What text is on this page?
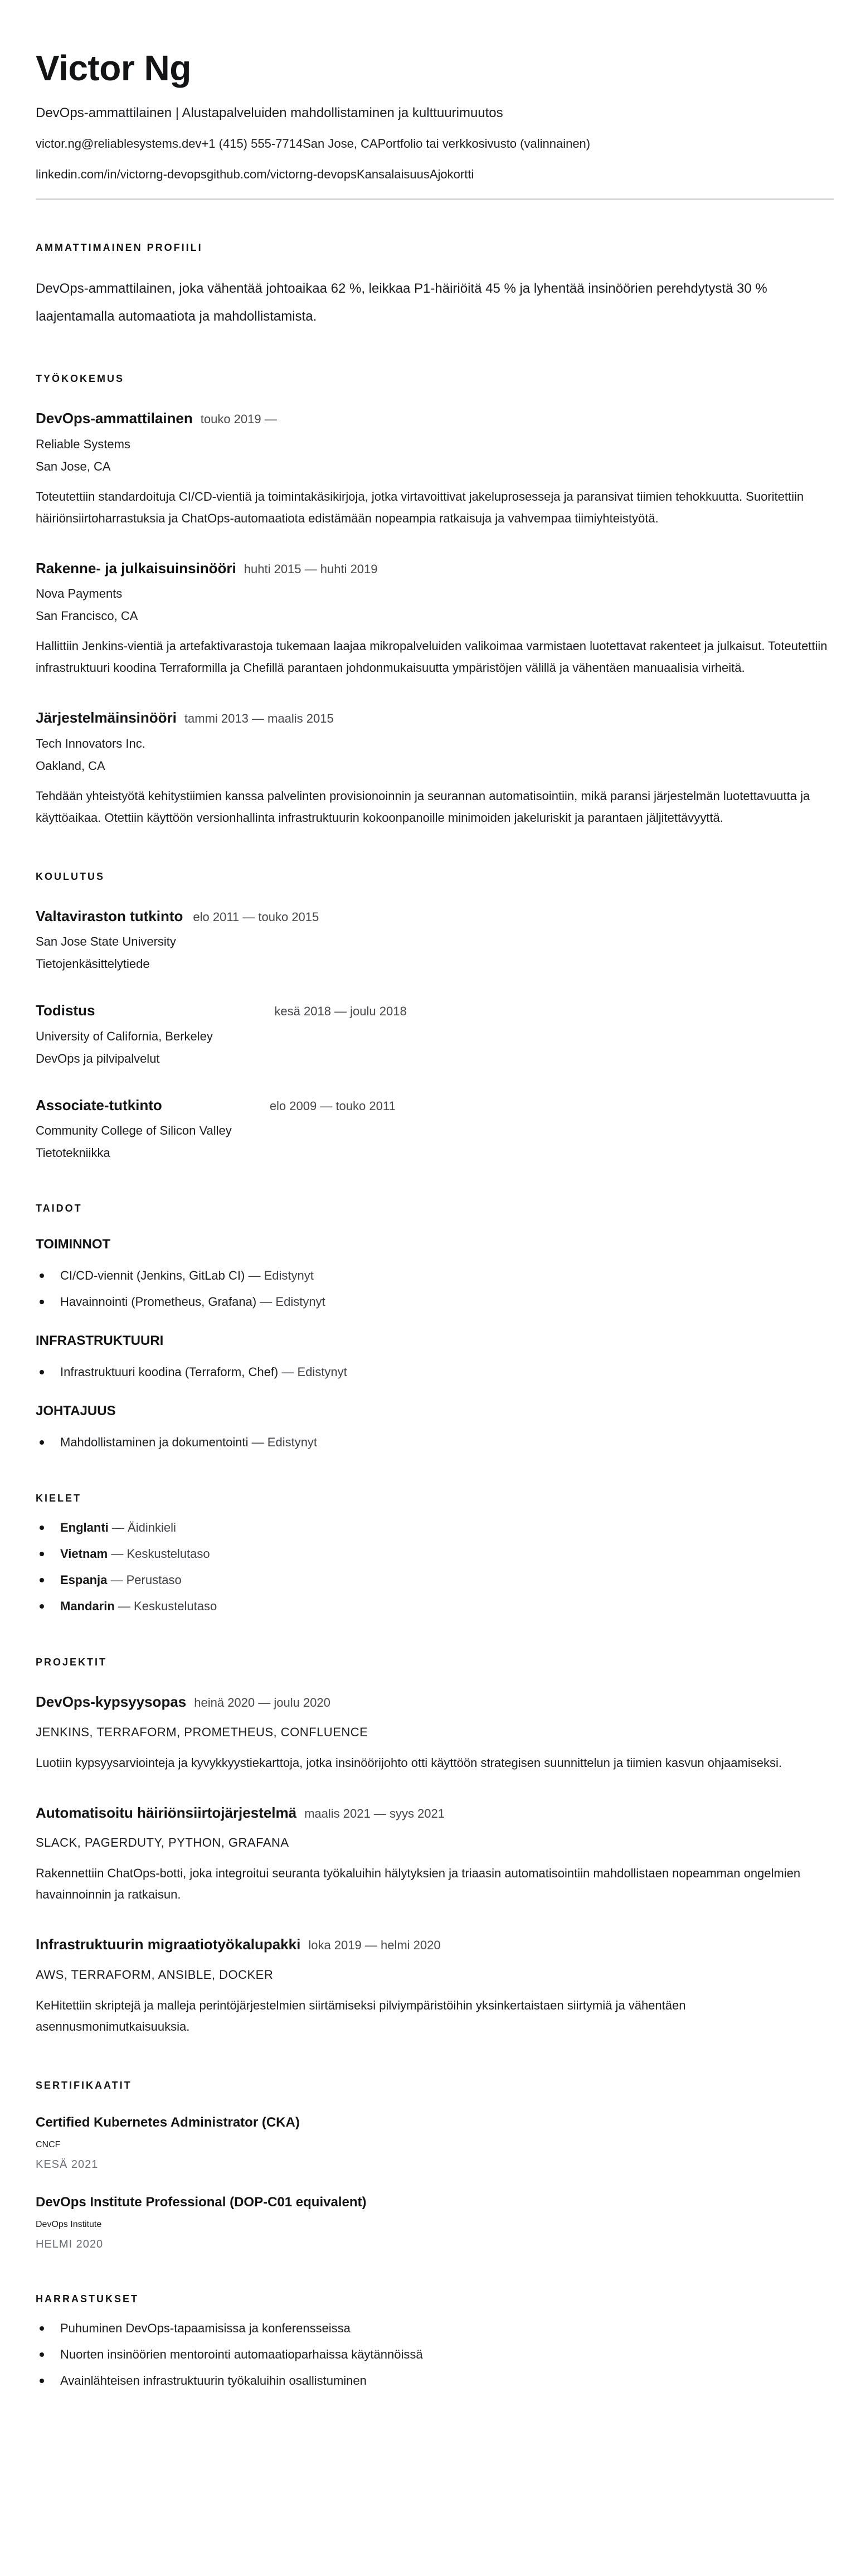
Victor Ng

DevOps-ammattilainen | Alustapalveluiden mahdollistaminen ja kulttuurimuutos

victor.ng@reliablesystems.dev+1 (415) 555-7714San Jose, CAPortfolio tai verkkosivusto (valinnainen)

linkedin.com/in/victorng-devopsgithub.com/victorng-devopsKansalaisuusAjokortti

AMMATTIMAINEN PROFIILI

DevOps-ammattilainen, joka vähentää johtoaikaa 62 %, leikkaa P1-häiriöitä 45 % ja lyhentää insinöörien perehdytystä 30 % laajentamalla automaatiota ja mahdollistamista.

TYÖKOKEMUS
DevOps-ammattilainen touko 2019 —

Reliable Systems

San Jose, CA

Toteutettiin standardoituja CI/CD-vientiä ja toimintakäsikirjoja, jotka virtavoittivat jakeluprosesseja ja paransivat tiimien tehokkuutta. Suoritettiin häiriönsiirtoharrastuksia ja ChatOps-automaatiota edistämään nopeampia ratkaisuja ja vahvempaa tiimiyhteistyötä.

Rakenne- ja julkaisuinsinööri huhti 2015 — huhti 2019

Nova Payments

San Francisco, CA

Hallittiin Jenkins-vientiä ja artefaktivarastoja tukemaan laajaa mikropalveluiden valikoimaa varmistaen luotettavat rakenteet ja julkaisut. Toteutettiin infrastruktuuri koodina Terraformilla ja Chefillä parantaen johdonmukaisuutta ympäristöjen välillä ja vähentäen manuaalisia virheitä.

Järjestelmäinsinööri tammi 2013 — maalis 2015

Tech Innovators Inc.

Oakland, CA

Tehdään yhteistyötä kehitystiimien kanssa palvelinten provisionoinnin ja seurannan automatisointiin, mikä paransi järjestelmän luotettavuutta ja käyttöaikaa. Otettiin käyttöön versionhallinta infrastruktuurin kokoonpanoille minimoiden jakeluriskit ja parantaen jäljitettävyyttä.

KOULUTUS
Valtaviraston tutkinto elo 2011 — touko 2015

San Jose State University

Tietojenkäsittelytiede

Todistus	kesä 2018 — joulu 2018

University of California, Berkeley

DevOps ja pilvipalvelut

Associate-tutkinto	elo 2009 — touko 2011

Community College of Silicon Valley

Tietotekniikka

TAIDOT
TOIMINNOT
CI/CD-viennit (Jenkins, GitLab CI) — Edistynyt
Havainnointi (Prometheus, Grafana) — Edistynyt
INFRASTRUKTUURI
Infrastruktuuri koodina (Terraform, Chef) — Edistynyt
JOHTAJUUS
Mahdollistaminen ja dokumentointi — Edistynyt
KIELET
Englanti — Äidinkieli
Vietnam — Keskustelutaso
Espanja — Perustaso
Mandarin — Keskustelutaso
PROJEKTIT
DevOps-kypsyysopas heinä 2020 — joulu 2020

JENKINS, TERRAFORM, PROMETHEUS, CONFLUENCE

Luotiin kypsyysarviointeja ja kyvykkyystiekarttoja, jotka insinöörijohto otti käyttöön strategisen suunnittelun ja tiimien kasvun ohjaamiseksi.

Automatisoitu häiriönsiirtojärjestelmä maalis 2021 — syys 2021

SLACK, PAGERDUTY, PYTHON, GRAFANA

Rakennettiin ChatOps-botti, joka integroitui seuranta työkaluihin hälytyksien ja triaasin automatisointiin mahdollistaen nopeamman ongelmien havainnoinnin ja ratkaisun.

Infrastruktuurin migraatiotyökalupakki loka 2019 — helmi 2020

AWS, TERRAFORM, ANSIBLE, DOCKER

KeHitettiin skriptejä ja malleja perintöjärjestelmien siirtämiseksi pilviympäristöihin yksinkertaistaen siirtymiä ja vähentäen asennusmonimutkaisuuksia.

SERTIFIKAATIT
Certified Kubernetes Administrator (CKA)

CNCF

KESÄ 2021

DevOps Institute Professional (DOP-C01 equivalent)

DevOps Institute

HELMI 2020

HARRASTUKSET
Puhuminen DevOps-tapaamisissa ja konferensseissa
Nuorten insinöörien mentorointi automaatioparhaissa käytännöissä
Avainlähteisen infrastruktuurin työkaluihin osallistuminen
